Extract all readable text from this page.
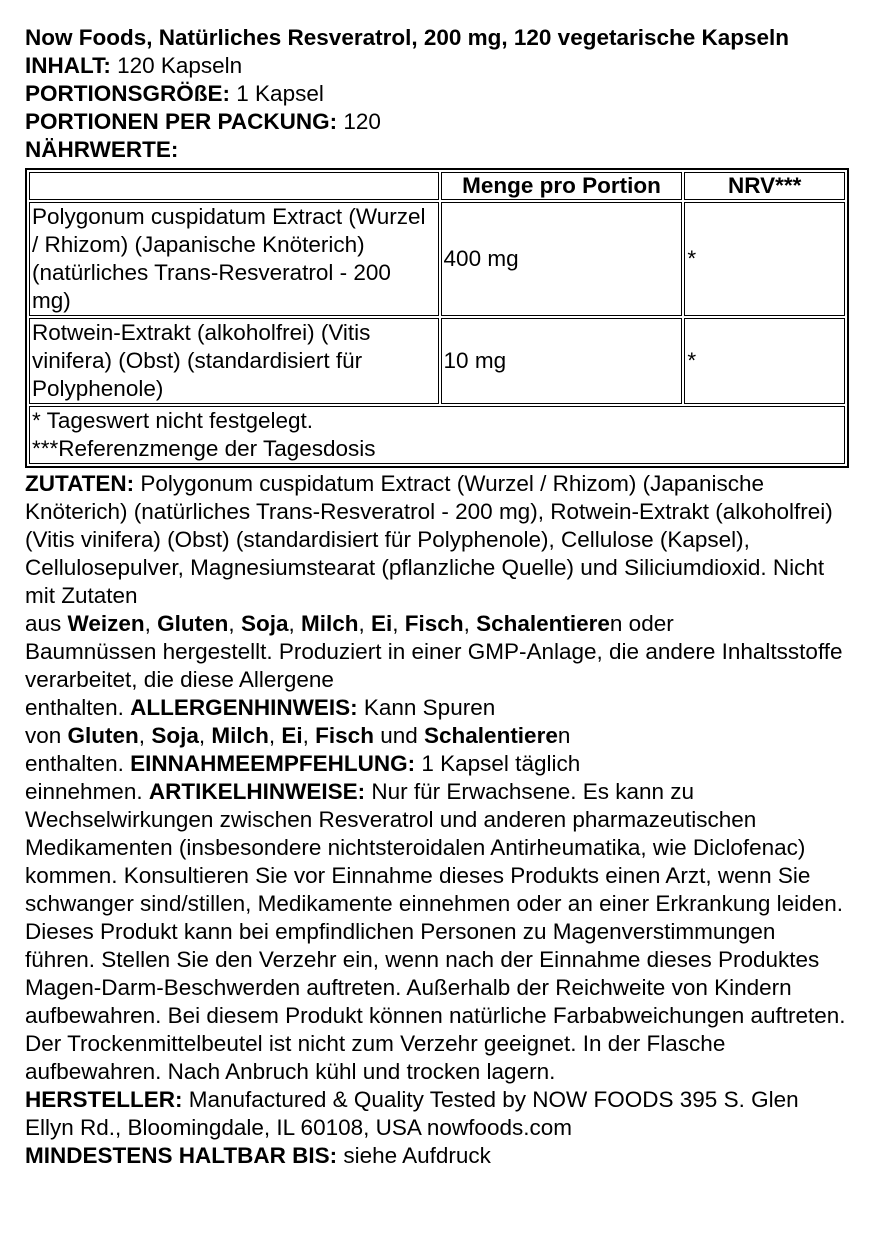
Now Foods, Natürliches Resveratrol, 200 mg, 120 vegetarische Kapseln

INHALT: 120 Kapseln

PORTIONSGRÖßE: 1 Kapsel

PORTIONEN PER PACKUNG: 120

NÄHRWERTE:

	Menge pro Portion	NRV***
Polygonum cuspidatum Extract (Wurzel / Rhizom) (Japanische Knöterich) (natürliches Trans-Resveratrol - 200 mg)	400 mg	*
Rotwein-Extrakt (alkoholfrei) (Vitis vinifera) (Obst) (standardisiert für Polyphenole)	10 mg	*

* Tageswert nicht festgelegt.
***Referenzmenge der Tagesdosis		

ZUTATEN: Polygonum cuspidatum Extract (Wurzel / Rhizom) (Japanische Knöterich) (natürliches Trans-Resveratrol - 200 mg), Rotwein-Extrakt (alkoholfrei) (Vitis vinifera) (Obst) (standardisiert für Polyphenole), Cellulose (Kapsel), Cellulosepulver, Magnesiumstearat (pflanzliche Quelle) und Siliciumdioxid. Nicht mit Zutaten

aus Weizen, Gluten, Soja, Milch, Ei, Fisch, Schalentieren oder

Baumnüssen hergestellt. Produziert in einer GMP-Anlage, die andere Inhaltsstoffe verarbeitet, die diese Allergene

enthalten. ALLERGENHINWEIS: Kann Spuren

von Gluten, Soja, Milch, Ei, Fisch und Schalentieren

enthalten. EINNAHMEEMPFEHLUNG: 1 Kapsel täglich

einnehmen. ARTIKELHINWEISE: Nur für Erwachsene. Es kann zu Wechselwirkungen zwischen Resveratrol und anderen pharmazeutischen Medikamenten (insbesondere nichtsteroidalen Antirheumatika, wie Diclofenac) kommen. Konsultieren Sie vor Einnahme dieses Produkts einen Arzt, wenn Sie schwanger sind/stillen, Medikamente einnehmen oder an einer Erkrankung leiden. Dieses Produkt kann bei empfindlichen Personen zu Magenverstimmungen führen. Stellen Sie den Verzehr ein, wenn nach der Einnahme dieses Produktes Magen-Darm-Beschwerden auftreten. Außerhalb der Reichweite von Kindern aufbewahren. Bei diesem Produkt können natürliche Farbabweichungen auftreten. Der Trockenmittelbeutel ist nicht zum Verzehr geeignet. In der Flasche aufbewahren. Nach Anbruch kühl und trocken lagern.

HERSTELLER: Manufactured & Quality Tested by NOW FOODS 395 S. Glen Ellyn Rd., Bloomingdale, IL 60108, USA nowfoods.com

MINDESTENS HALTBAR BIS: siehe Aufdruck
